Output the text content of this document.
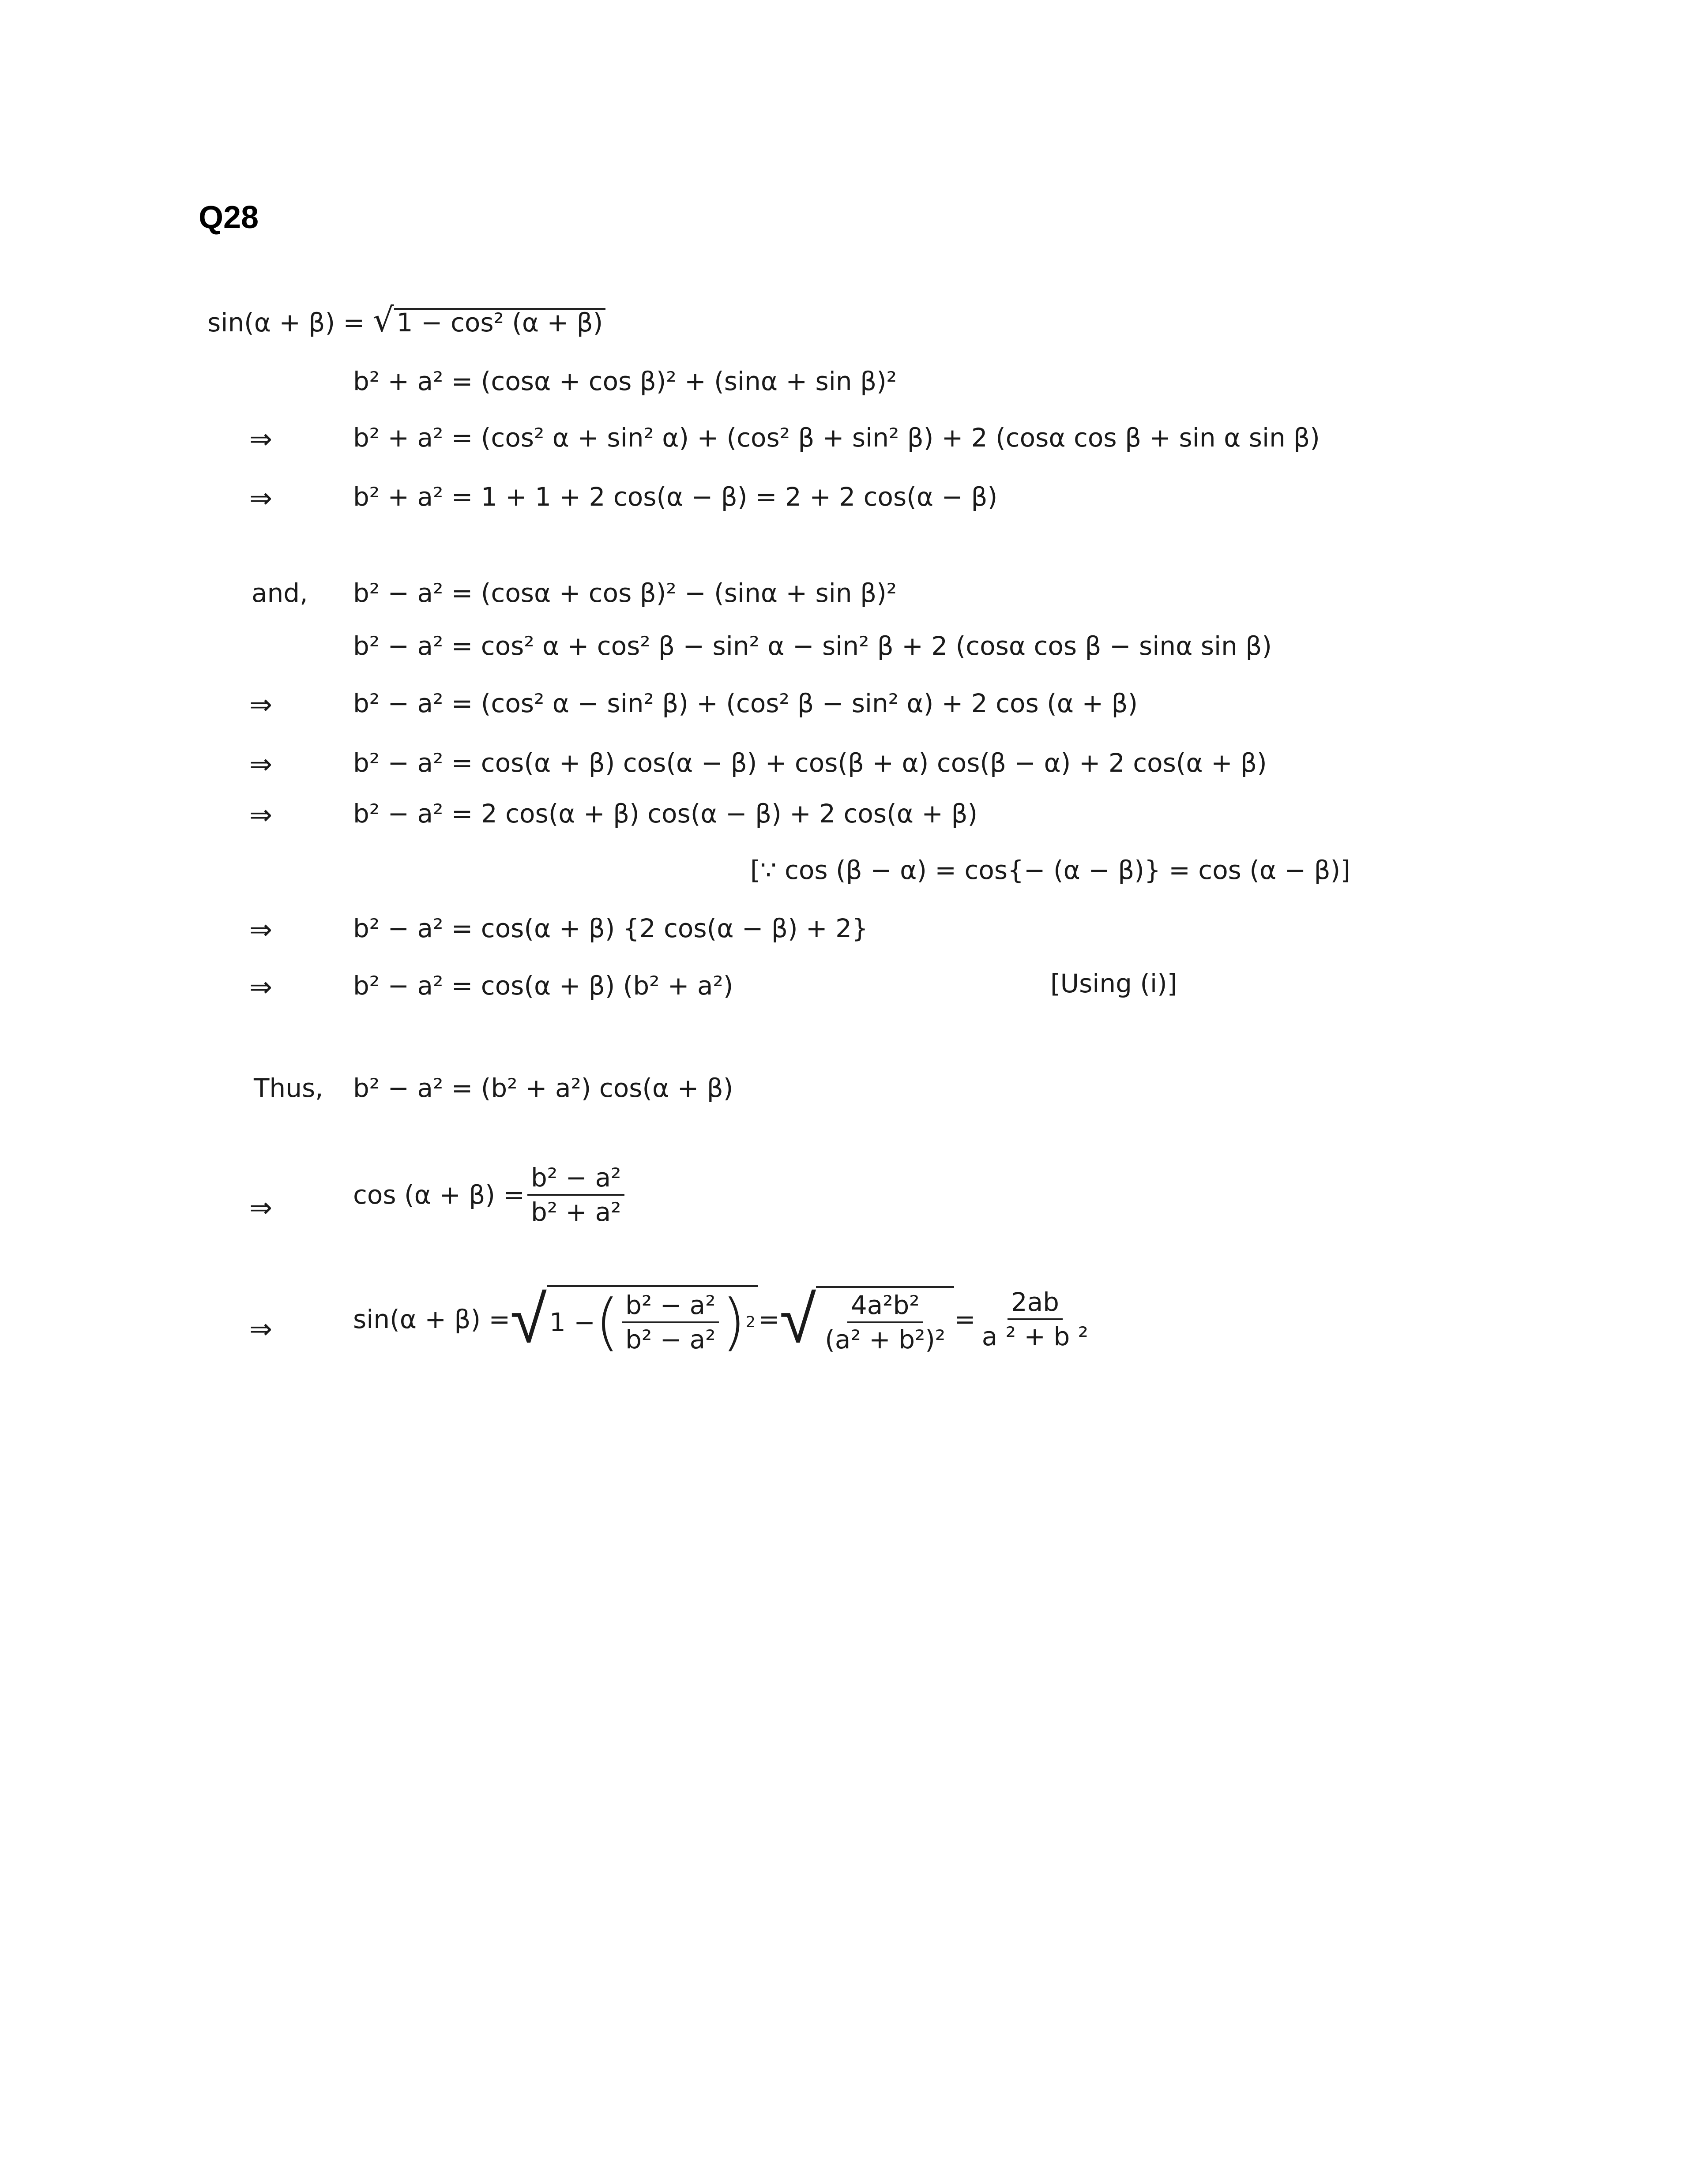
Q28
sin(α + β) = √ 1 − cos² (α + β)
b² + a² = (cosα + cos β)² + (sinα + sin β)²
⇒	b² + a² = (cos² α + sin² α) + (cos² β + sin² β) + 2 (cosα cos β + sin α sin β)
⇒	b² + a² = 1 + 1 + 2 cos(α − β) = 2 + 2 cos(α − β)
and, b² − a² = (cosα + cos β)² − (sinα + sin β)²
b² − a² = cos² α + cos² β − sin² α − sin² β + 2 (cosα cos β − sinα sin β)
⇒	b² − a² = (cos² α − sin² β) + (cos² β − sin² α) + 2 cos (α + β)
⇒	b² − a² = cos(α + β) cos(α − β) + cos(β + α) cos(β − α) + 2 cos(α + β)
⇒	b² − a² = 2 cos(α + β) cos(α − β) + 2 cos(α + β)
[∵ cos (β − α) = cos{− (α − β)} = cos (α − β)]
⇒	b² − a² = cos(α + β) {2 cos(α − β) + 2}
⇒	b² − a² = cos(α + β) (b² + a²)	[Using (i)]
Thus, b² − a² = (b² + a²) cos(α + β)
⇒	$\cos (\alpha + \beta) = \frac{\text{b² − a²}}{\text{b² + a²}}$
⇒	sin(α + β) = √ 1 − ( $\frac{\text{b² − a²}}{\text{b² − a²}}$ ) 2 = √ $\frac{\text{4a²b²}}{\text{(a² + b²)²}} = \frac{2ab}{\text{a ² + b ²}}$
